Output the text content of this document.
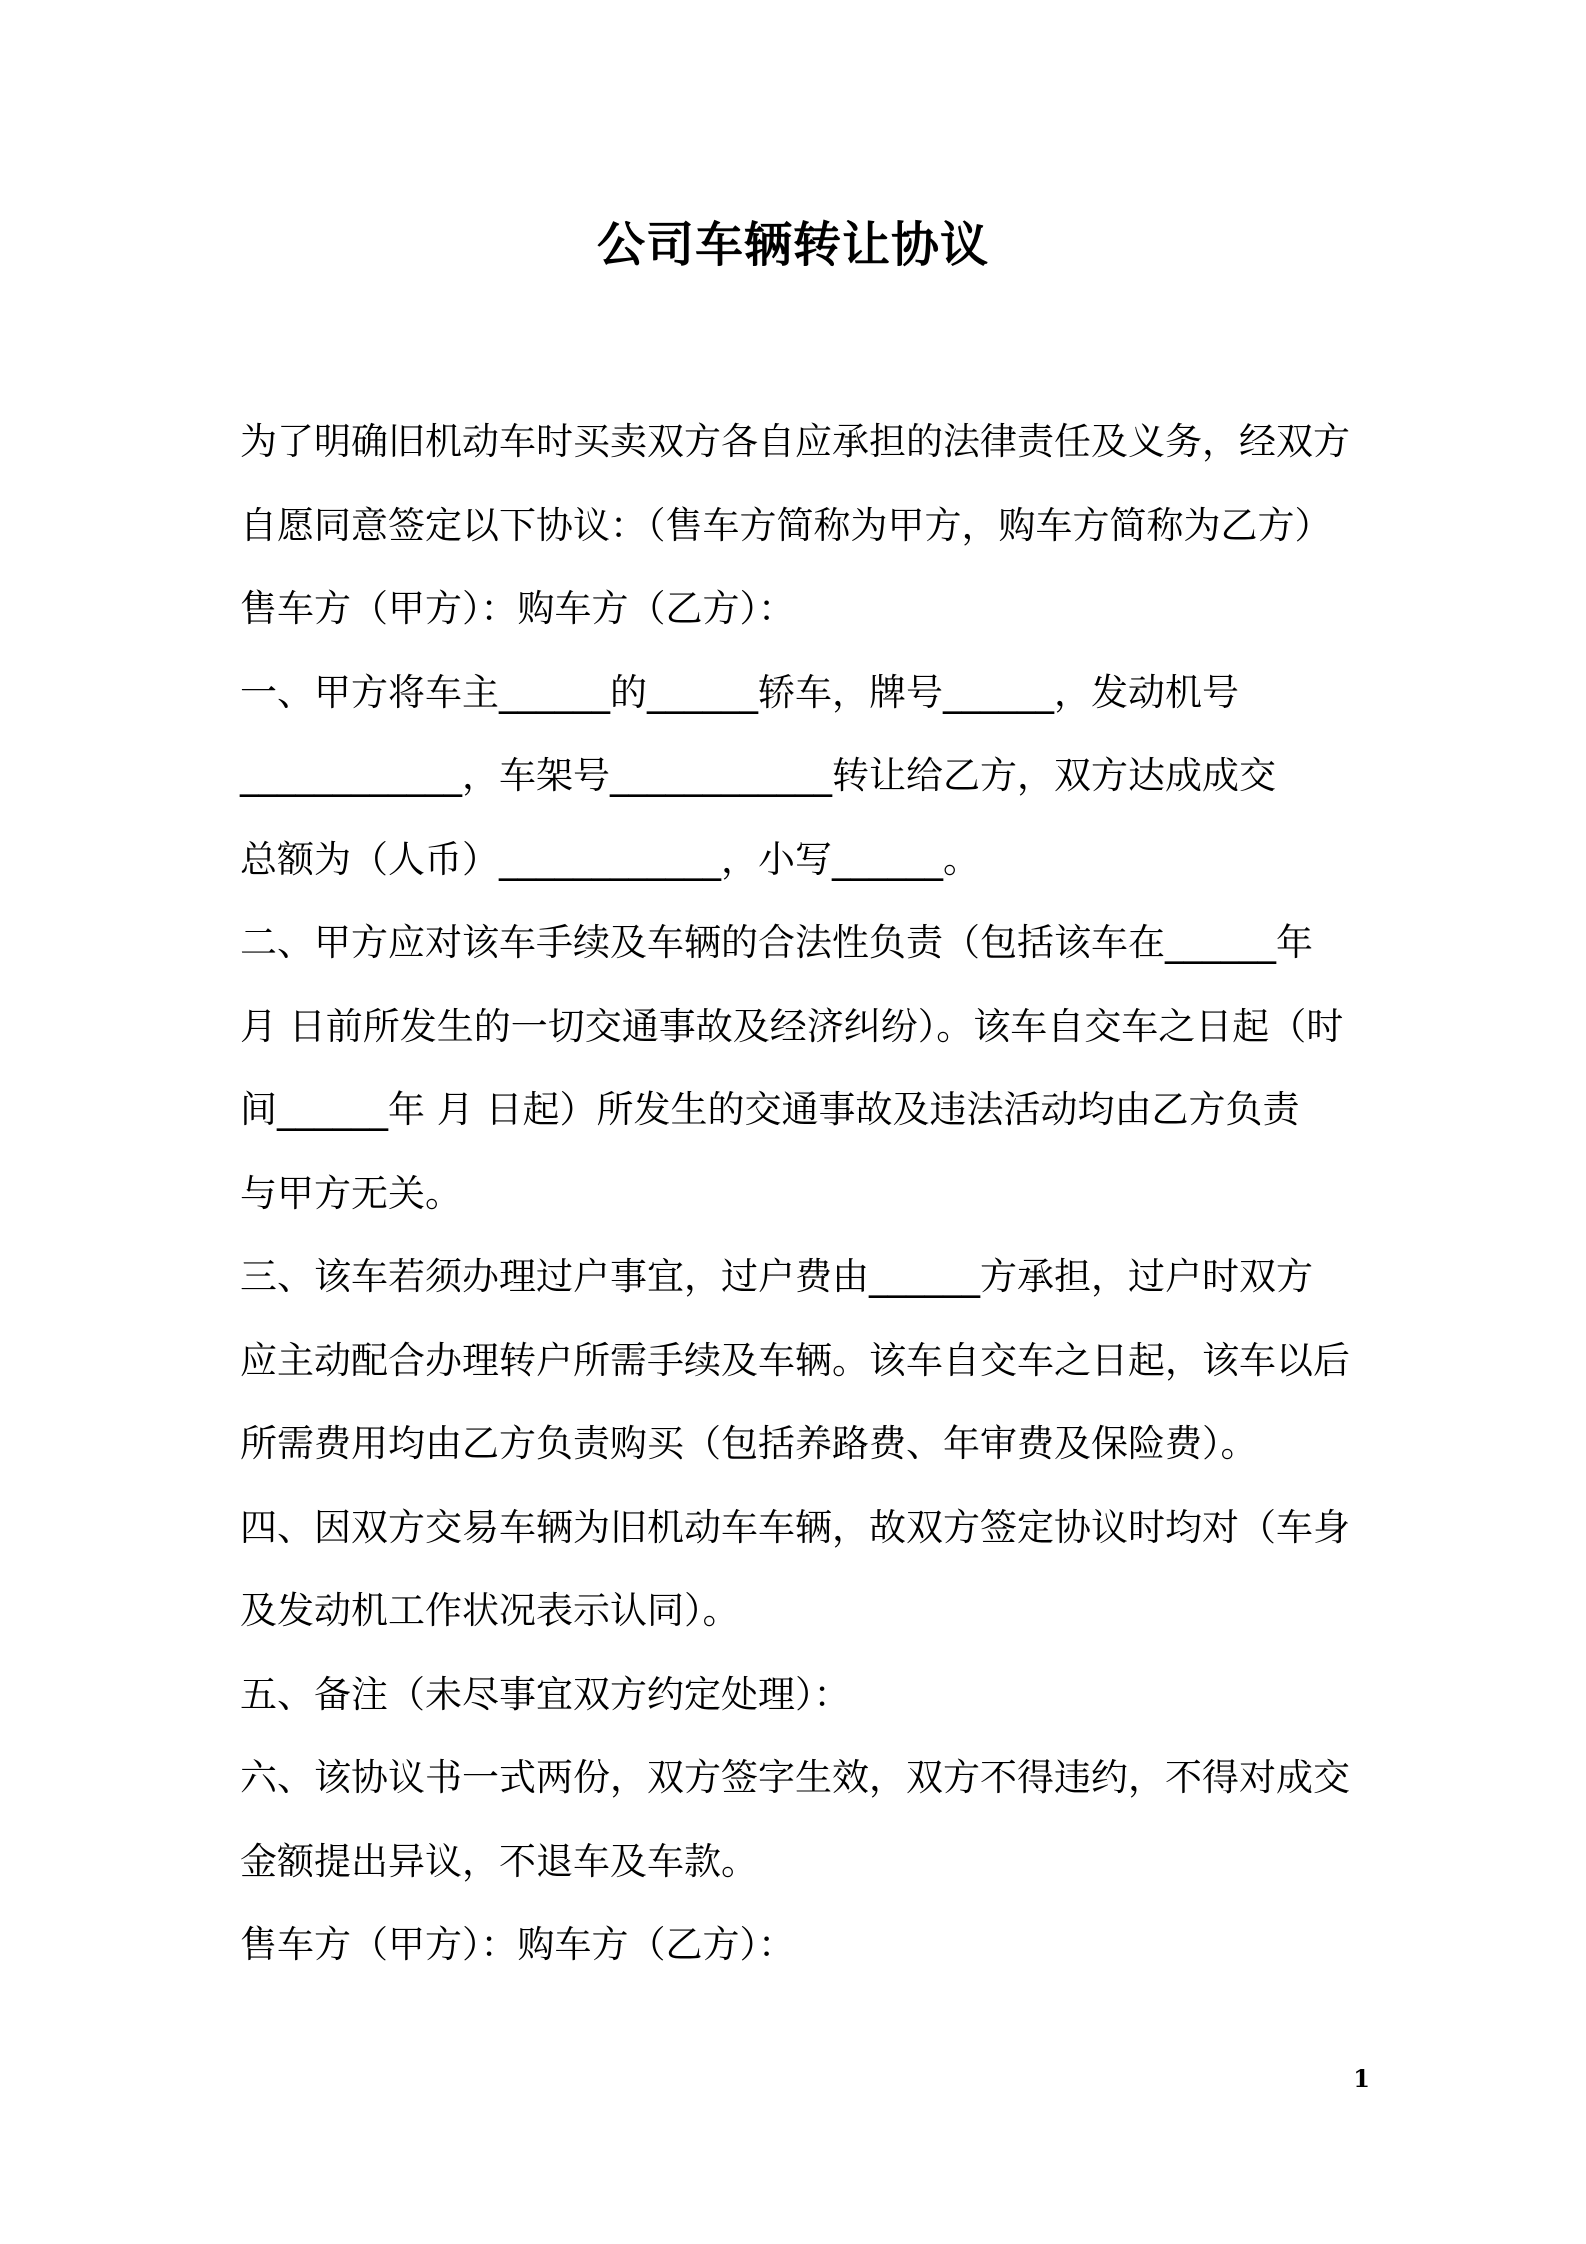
公司车辆转让协议
为了明确旧机动车时买卖双方各自应承担的法律责任及义务，经双方
自愿同意签定以下协议：（售车方简称为甲方，购车方简称为乙方）
售车方（甲方）：购车方（乙方）：
一、甲方将车主______的______轿车，牌号______，发动机号
____________，车架号____________转让给乙方，双方达成成交
总额为（人币）____________，小写______。
二、甲方应对该车手续及车辆的合法性负责（包括该车在______年
月 日前所发生的一切交通事故及经济纠纷）。该车自交车之日起（时
间______年 月 日起）所发生的交通事故及违法活动均由乙方负责
与甲方无关。
三、该车若须办理过户事宜，过户费由______方承担，过户时双方
应主动配合办理转户所需手续及车辆。该车自交车之日起，该车以后
所需费用均由乙方负责购买（包括养路费、年审费及保险费）。
四、因双方交易车辆为旧机动车车辆，故双方签定协议时均对（车身
及发动机工作状况表示认同）。
五、备注（未尽事宜双方约定处理）：
六、该协议书一式两份，双方签字生效，双方不得违约，不得对成交
金额提出异议，不退车及车款。
售车方（甲方）：购车方（乙方）：
1
